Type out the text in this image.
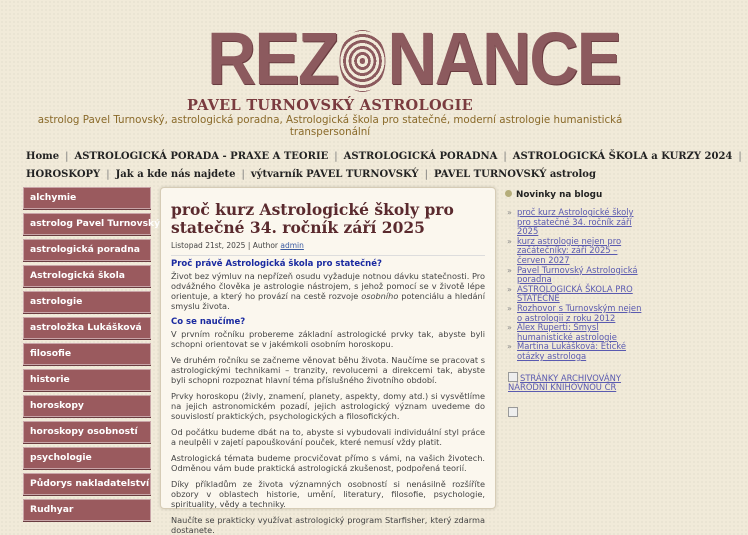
REZ NANCE
PAVEL TURNOVSKÝ ASTROLOGIE
astrolog Pavel Turnovský, astrologická poradna, Astrologická škola pro statečné, moderní astrologie humanistická transpersonální
Home | ASTROLOGICKÁ PORADA - PRAXE A TEORIE | ASTROLOGICKÁ PORADNA | ASTROLOGICKÁ ŠKOLA a KURZY 2024 |
HOROSKOPY | Jak a kde nás najdete | výtvarník PAVEL TURNOVSKÝ | PAVEL TURNOVSKÝ astrolog
alchymie
astrolog Pavel Turnovský
astrologická poradna
Astrologická škola
astrologie
astroložka Lukášková
filosofie
historie
horoskopy
horoskopy osobností
psychologie
Půdorys nakladatelství
Rudhyar
proč kurz Astrologické školy pro statečné 34. ročník září 2025
Listopad 21st, 2025 | Author admin
Proč právě Astrologická škola pro statečné?

Život bez výmluv na nepřízeň osudu vyžaduje notnou dávku statečnosti. Pro odvážného člověka je astrologie nástrojem, s jehož pomocí se v životě lépe orientuje, a který ho provází na cestě rozvoje osobního potenciálu a hledání smyslu života.

Co se naučíme?

V prvním ročníku probereme základní astrologické prvky tak, abyste byli schopni orientovat se v jakémkoli osobním horoskopu.

Ve druhém ročníku se začneme věnovat běhu života. Naučíme se pracovat s astrologickými technikami – tranzity, revolucemi a direkcemi tak, abyste byli schopni rozpoznat hlavní téma příslušného životního období.

Prvky horoskopu (živly, znamení, planety, aspekty, domy atd.) si vysvětlíme na jejich astronomickém pozadí, jejich astrologický význam uvedeme do souvislostí praktických, psychologických a filosofických.

Od počátku budeme dbát na to, abyste si vybudovali individuální styl práce a neulpěli v zajetí papouškování pouček, které nemusí vždy platit.

Astrologická témata budeme procvičovat přímo s vámi, na vašich životech. Odměnou vám bude praktická astrologická zkušenost, podpořená teorií.

Díky příkladům ze života významných osobností si nenásilně rozšíříte obzory v oblastech historie, umění, literatury, filosofie, psychologie, spirituality, vědy a techniky.

Naučíte se prakticky využívat astrologický program Starfisher, který zdarma dostanete.

Novinky na blogu
» proč kurz Astrologické školy pro statečné 34. ročník září 2025
» kurz astrologie nejen pro začátečníky: září 2025 – červen 2027
» Pavel Turnovský Astrologická poradna
» ASTROLOGICKÁ ŠKOLA PRO STATEČNÉ
» Rozhovor s Turnovským nejen o astrologii z roku 2012
» Alex Ruperti: Smysl humanistické astrologie
» Martina Lukášková: Etické otázky astrologa
STRÁNKY ARCHIVOVÁNY NÁRODNÍ KNIHOVNOU ČR
